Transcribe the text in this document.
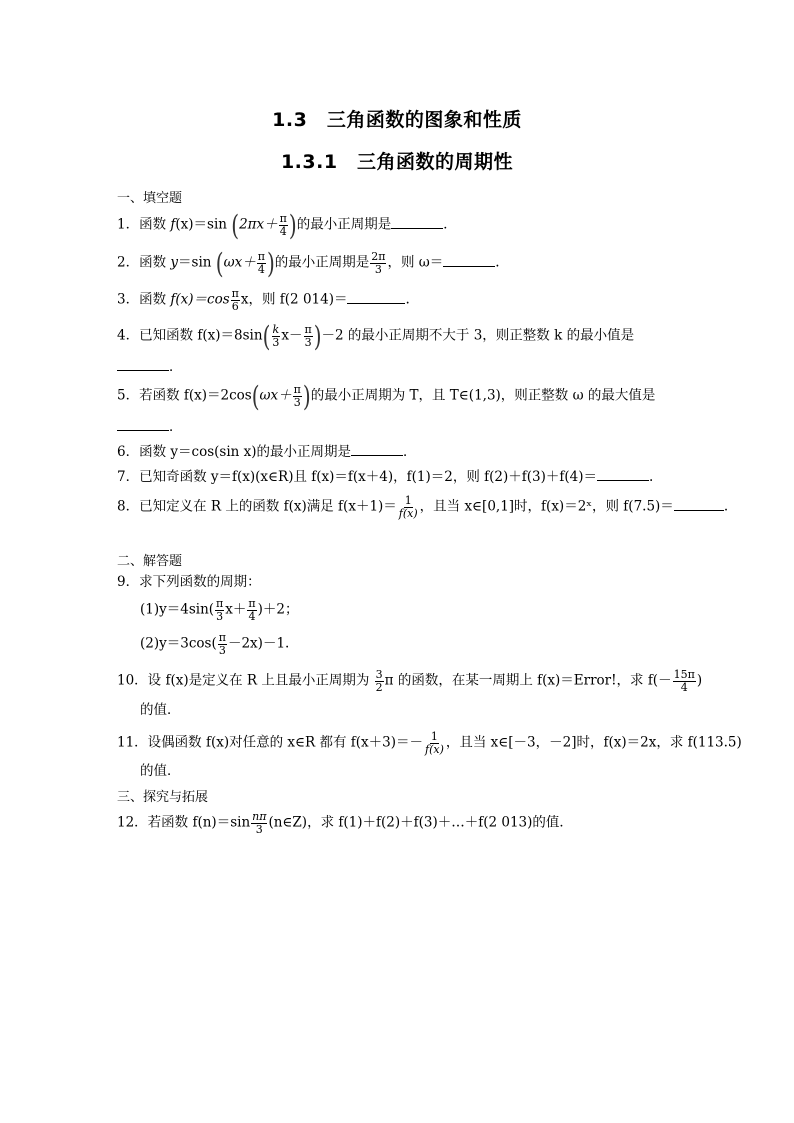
1.3　三角函数的图象和性质
1.3.1　三角函数的周期性
一、填空题
1．函数 f(x)＝sin ($2\pi x+ \frac{\pi}{4}$ )的最小正周期是	．
2．函数 y＝sin ($\omega x+ \frac{\pi}{4}$ )的最小正周期是 $\frac{2\pi}{3}$ ，则 ω＝	.
3．函数 $f(x)=\cos \frac{\pi}{6}$ x，则 f(2 014)＝	.
4．已知函数 $f(x)=8\sin( \frac{k}{3} x- \frac{\pi}{3} )-2$ 的最小正周期不大于 3，则正整数 k 的最小值是
．
5．若函数 $f(x)=2\cos(\omega x+ \frac{\pi}{3}$ )的最小正周期为 T，且 T∈(1,3)，则正整数 ω 的最大值是
．
6．函数 y＝cos(sin x)的最小正周期是	．
7．已知奇函数 y＝f(x)(x∈R)且 f(x)＝f(x＋4)，f(1)＝2，则 f(2)＋f(3)＋f(4)＝	.
8．已知定义在 R 上的函数 f(x)满足 $f(x+1)= \frac{1}{f(x)}$ ，且当 x∈[0,1]时，f(x)＝2ˣ，则 f(7.5)＝	.
二、解答题
9．求下列函数的周期：
$(1)y=4\sin( \frac{\pi}{3} x+ \frac{\pi}{4} )+2$；
$(2)y=3\cos( \frac{\pi}{3} -2x)-1$.
10．设 f(x)是定义在 R 上且最小正周期为 $\frac{3}{2}$ π 的函数，在某一周期上 f(x)＝Error!，求 $f(- \frac{15\pi}{4}$ )
的值．
11．设偶函数 f(x)对任意的 x∈R 都有 $f(x+3)=- \frac{1}{f(x)}$ ，且当 x∈[－3，－2]时，f(x)＝2x，求 f(113.5)
的值．
三、探究与拓展
12．若函数 $f(n)=\sin \frac{n\pi}{3}$ (n∈Z)，求 f(1)＋f(2)＋f(3)＋…＋f(2 013)的值．
